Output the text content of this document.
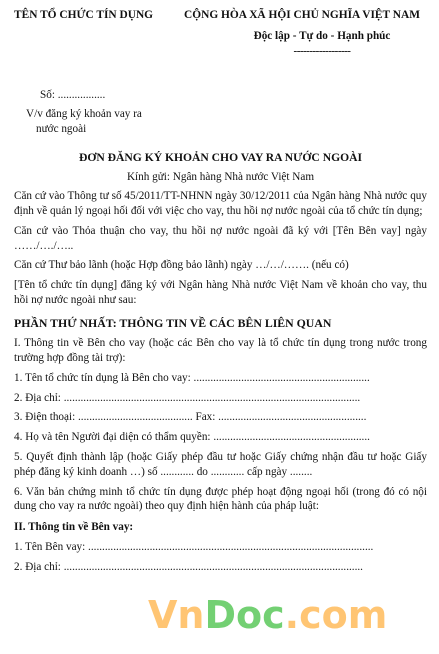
TÊN TỔ CHỨC TÍN DỤNG	CỘNG HÒA XÃ HỘI CHỦ NGHĨA VIỆT NAM
Độc lập - Tự do - Hạnh phúc
------------------
Số: .................
V/v đăng ký khoản vay ra
nước ngoài
ĐƠN ĐĂNG KÝ KHOẢN CHO VAY RA NƯỚC NGOÀI
Kính gửi: Ngân hàng Nhà nước Việt Nam

Căn cứ vào Thông tư số 45/2011/TT-NHNN ngày 30/12/2011 của Ngân hàng Nhà nước quy định về quản lý ngoại hối đối với việc cho vay, thu hồi nợ nước ngoài của tổ chức tín dụng;

Căn cứ vào Thỏa thuận cho vay, thu hồi nợ nước ngoài đã ký với [Tên Bên vay] ngày ……/…./…..

Căn cứ Thư bảo lãnh (hoặc Hợp đồng bảo lãnh) ngày …/…/……. (nếu có)

[Tên tổ chức tín dụng] đăng ký với Ngân hàng Nhà nước Việt Nam về khoản cho vay, thu hồi nợ nước ngoài như sau:

PHẦN THỨ NHẤT: THÔNG TIN VỀ CÁC BÊN LIÊN QUAN

I. Thông tin về Bên cho vay (hoặc các Bên cho vay là tổ chức tín dụng trong nước trong trường hợp đồng tài trợ):

1. Tên tổ chức tín dụng là Bên cho vay: ...............................................................

2. Địa chỉ: ..........................................................................................................

3. Điện thoại: ......................................... Fax: .....................................................

4. Họ và tên Người đại diện có thẩm quyền: ........................................................

5. Quyết định thành lập (hoặc Giấy phép đầu tư hoặc Giấy chứng nhận đầu tư hoặc Giấy phép đăng ký kinh doanh …) số ............ do ............ cấp ngày ........

6. Văn bản chứng minh tổ chức tín dụng được phép hoạt động ngoại hối (trong đó có nội dung cho vay ra nước ngoài) theo quy định hiện hành của pháp luật:

II. Thông tin về Bên vay:

1. Tên Bên vay: ......................................................................................................

2. Địa chỉ: ...........................................................................................................

VnDoc.com
